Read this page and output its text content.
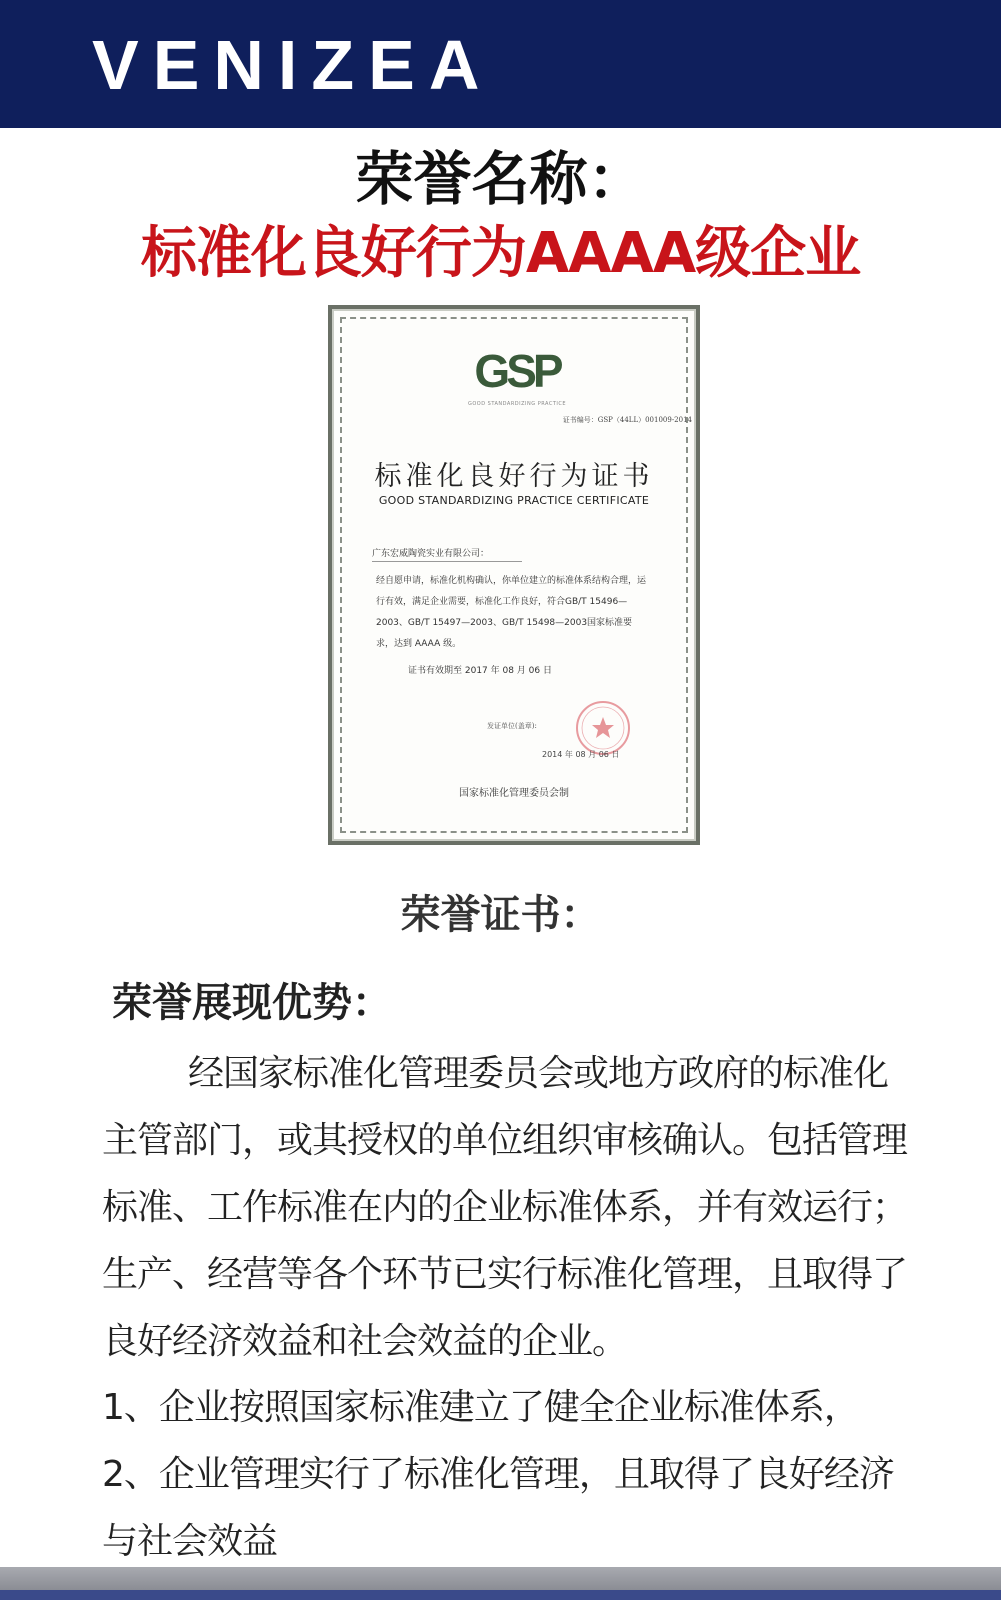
VENIZEA
荣誉名称：
标准化良好行为AAAA级企业
GSP
GOOD STANDARDIZING PRACTICE
证书编号：GSP（44LL）001009-2014
标准化良好行为证书
GOOD STANDARDIZING PRACTICE CERTIFICATE
广东宏威陶瓷实业有限公司：
经自愿申请，标准化机构确认，你单位建立的标准体系结构合理，运行有效，满足企业需要，标准化工作良好，符合GB/T 15496—2003、GB/T 15497—2003、GB/T 15498—2003国家标准要求，达到 AAAA 级。
证书有效期至 2017 年 08 月 06 日
发证单位(盖章):
2014 年 08 月 06 日
国家标准化管理委员会制
荣誉证书：
荣誉展现优势：
经国家标准化管理委员会或地方政府的标准化主管部门，或其授权的单位组织审核确认。包括管理标准、工作标准在内的企业标准体系，并有效运行；生产、经营等各个环节已实行标准化管理，且取得了良好经济效益和社会效益的企业。
1、企业按照国家标准建立了健全企业标准体系，
2、企业管理实行了标准化管理，且取得了良好经济与社会效益
